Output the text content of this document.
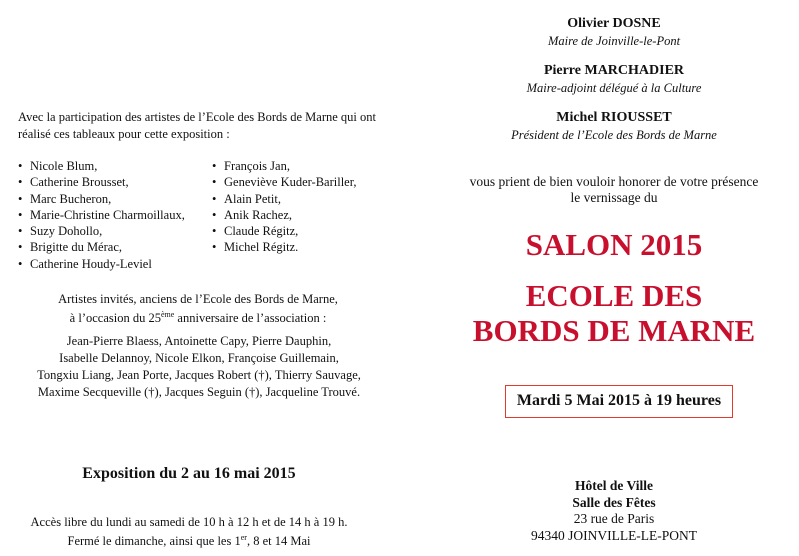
Avec la participation des artistes de l’Ecole des Bords de Marne qui ont réalisé ces tableaux pour cette exposition :
• Nicole Blum,
• Catherine Brousset,
• Marc Bucheron,
• Marie-Christine Charmoillaux,
• Suzy Dohollo,
• Brigitte du Mérac,
• Catherine Houdy-Leviel
• François Jan,
• Geneviève Kuder-Bariller,
• Alain Petit,
• Anik Rachez,
• Claude Régitz,
• Michel Régitz.
Artistes invités, anciens de l’Ecole des Bords de Marne,
à l’occasion du 25ème anniversaire de l’association :
Jean-Pierre Blaess, Antoinette Capy, Pierre Dauphin,
Isabelle Delannoy, Nicole Elkon, Françoise Guillemain,
Tongxiu Liang, Jean Porte, Jacques Robert (†), Thierry Sauvage,
Maxime Secqueville (†), Jacques Seguin (†), Jacqueline Trouvé.
Exposition du 2 au 16 mai 2015
Accès libre du lundi au samedi de 10 h à 12 h et de 14 h à 19 h.
Fermé le dimanche, ainsi que les 1er, 8 et 14 Mai
Olivier DOSNE
Maire de Joinville-le-Pont
Pierre MARCHADIER
Maire-adjoint délégué à la Culture
Michel RIOUSSET
Président de l’Ecole des Bords de Marne
vous prient de bien vouloir honorer de votre présence
le vernissage du
SALON 2015
ECOLE DES
BORDS DE MARNE
Mardi 5 Mai 2015 à 19 heures
Hôtel de Ville
Salle des Fêtes
23 rue de Paris
94340 JOINVILLE-LE-PONT
